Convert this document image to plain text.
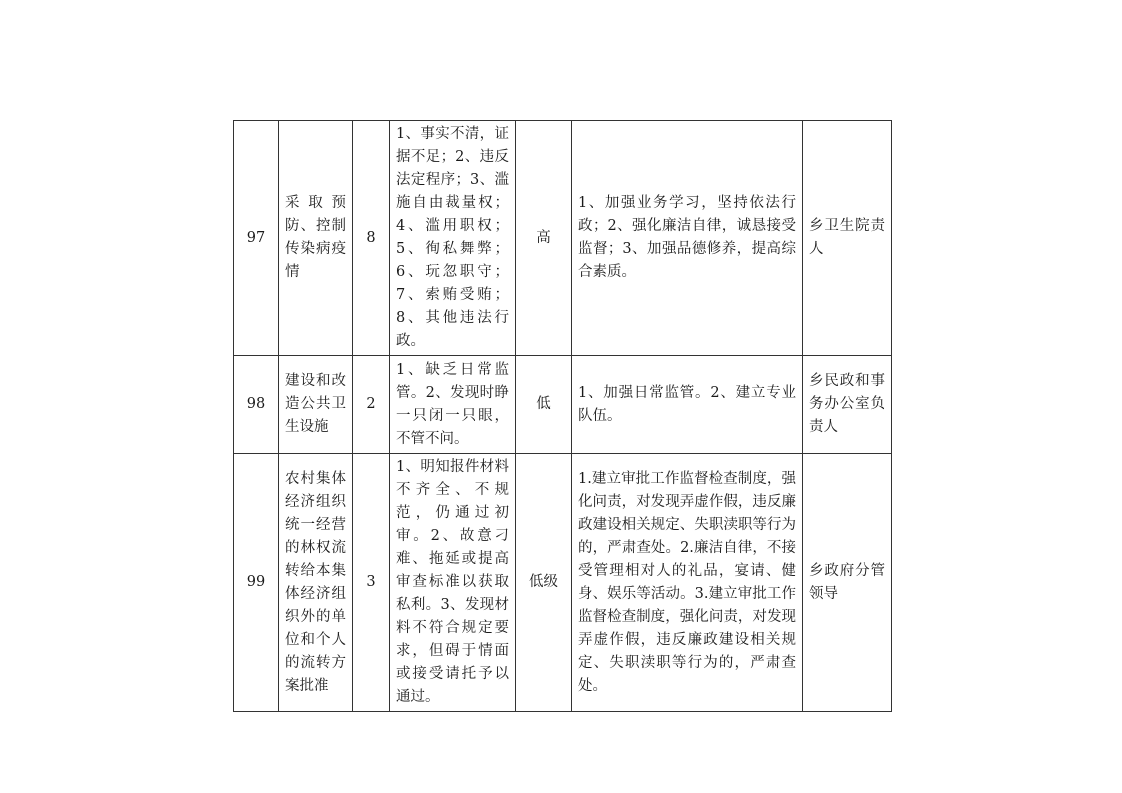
97	采取预防、控制传染病疫情	8	1、事实不清，证据不足；2、违反法定程序；3、滥施自由裁量权；4、滥用职权；5、徇私舞弊；6、玩忽职守；7、索贿受贿；8、其他违法行政。	高	1、加强业务学习，坚持依法行政；2、强化廉洁自律，诚恳接受监督；3、加强品德修养，提高综合素质。	乡卫生院责人
98	建设和改造公共卫生设施	2	1、缺乏日常监管。2、发现时睁一只闭一只眼，不管不问。	低	1、加强日常监管。2、建立专业队伍。	乡民政和事务办公室负责人
99	农村集体经济组织统一经营的林权流转给本集体经济组织外的单位和个人的流转方案批准	3	1、明知报件材料不齐全、不规范，仍通过初审。2、故意刁难、拖延或提高审查标准以获取私利。3、发现材料不符合规定要求，但碍于情面或接受请托予以通过。	低级	1.建立审批工作监督检查制度，强化问责，对发现弄虚作假，违反廉政建设相关规定、失职渎职等行为的，严肃查处。2.廉洁自律，不接受管理相对人的礼品，宴请、健身、娱乐等活动。3.建立审批工作监督检查制度，强化问责，对发现弄虚作假，违反廉政建设相关规定、失职渎职等行为的，严肃查处。	乡政府分管领导
